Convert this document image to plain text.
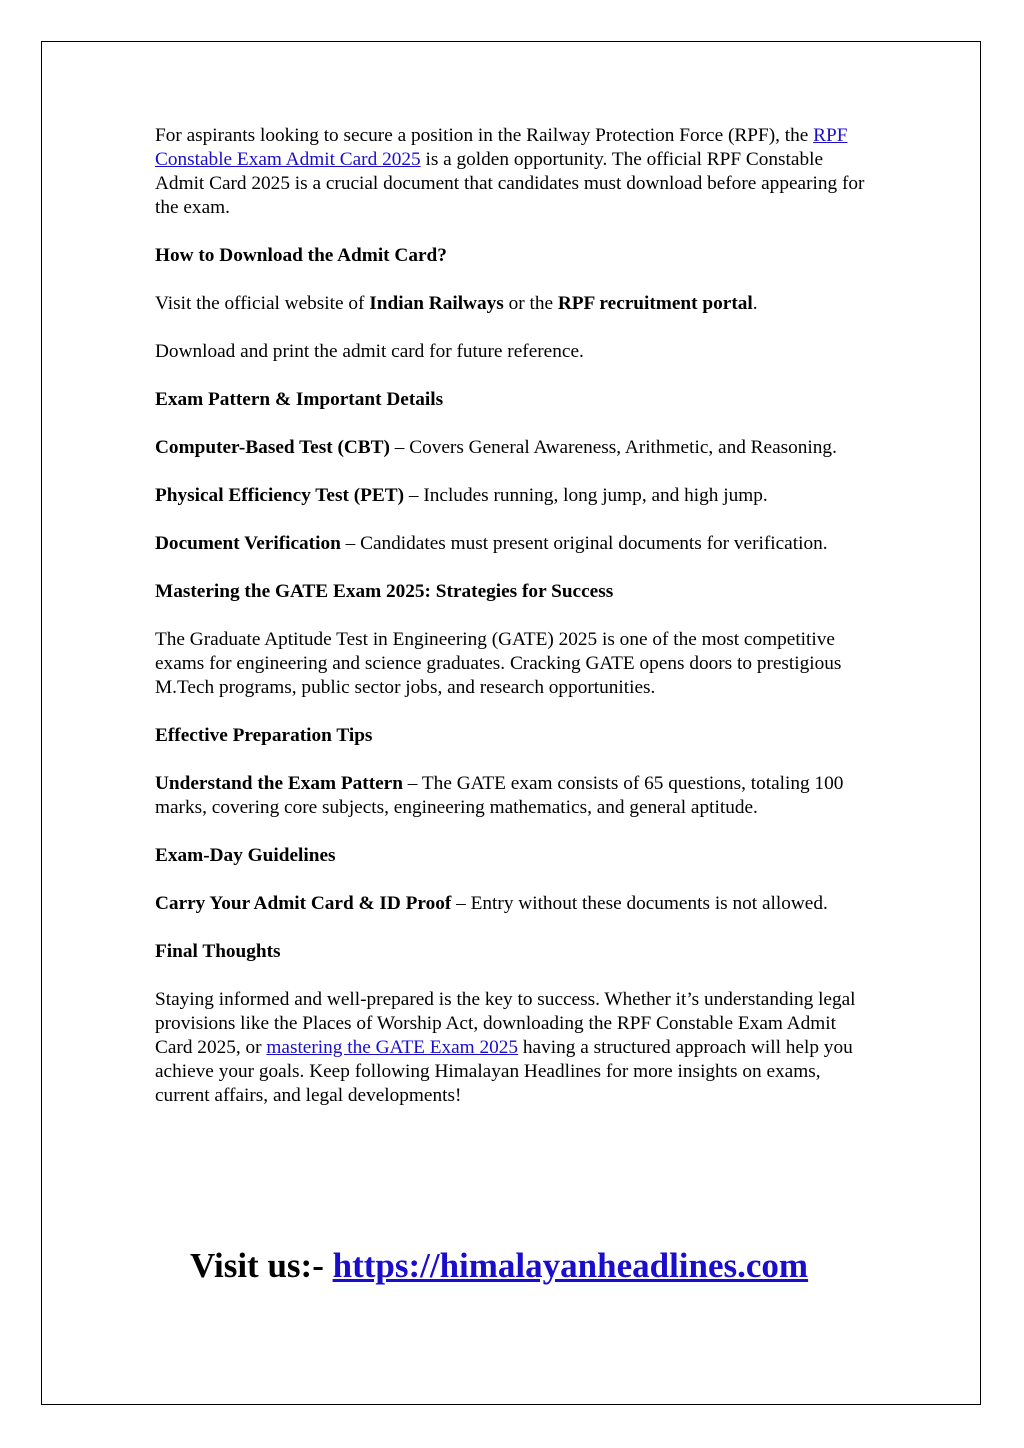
For aspirants looking to secure a position in the Railway Protection Force (RPF), the RPF Constable Exam Admit Card 2025 is a golden opportunity. The official RPF Constable Admit Card 2025 is a crucial document that candidates must download before appearing for the exam.

How to Download the Admit Card?

Visit the official website of Indian Railways or the RPF recruitment portal.

Download and print the admit card for future reference.

Exam Pattern & Important Details

Computer-Based Test (CBT) – Covers General Awareness, Arithmetic, and Reasoning.

Physical Efficiency Test (PET) – Includes running, long jump, and high jump.

Document Verification – Candidates must present original documents for verification.

Mastering the GATE Exam 2025: Strategies for Success

The Graduate Aptitude Test in Engineering (GATE) 2025 is one of the most competitive exams for engineering and science graduates. Cracking GATE opens doors to prestigious M.Tech programs, public sector jobs, and research opportunities.

Effective Preparation Tips

Understand the Exam Pattern – The GATE exam consists of 65 questions, totaling 100 marks, covering core subjects, engineering mathematics, and general aptitude.

Exam-Day Guidelines

Carry Your Admit Card & ID Proof – Entry without these documents is not allowed.

Final Thoughts

Staying informed and well-prepared is the key to success. Whether it’s understanding legal provisions like the Places of Worship Act, downloading the RPF Constable Exam Admit Card 2025, or mastering the GATE Exam 2025 having a structured approach will help you achieve your goals. Keep following Himalayan Headlines for more insights on exams, current affairs, and legal developments!

Visit us:- https://himalayanheadlines.com
